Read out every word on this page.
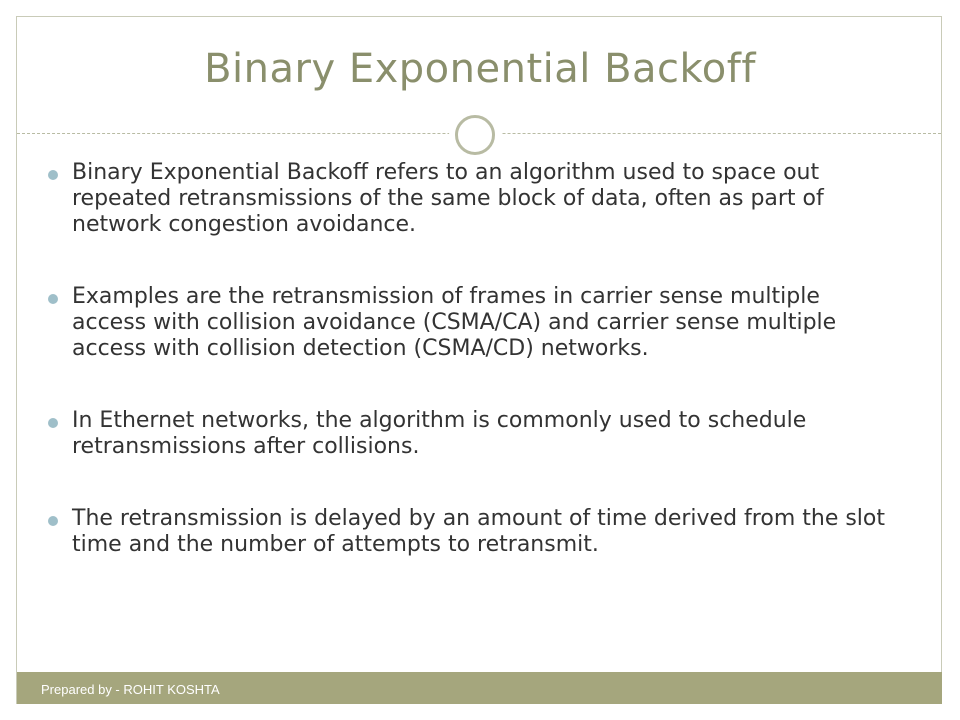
Binary Exponential Backoff
Binary Exponential Backoff refers to an algorithm used to space out repeated retransmissions of the same block of data, often as part of network congestion avoidance.
Examples are the retransmission of frames in carrier sense multiple access with collision avoidance (CSMA/CA) and carrier sense multiple access with collision detection (CSMA/CD) networks.
In Ethernet networks, the algorithm is commonly used to schedule retransmissions after collisions.
The retransmission is delayed by an amount of time derived from the slot time and the number of attempts to retransmit.
Prepared by - ROHIT KOSHTA
